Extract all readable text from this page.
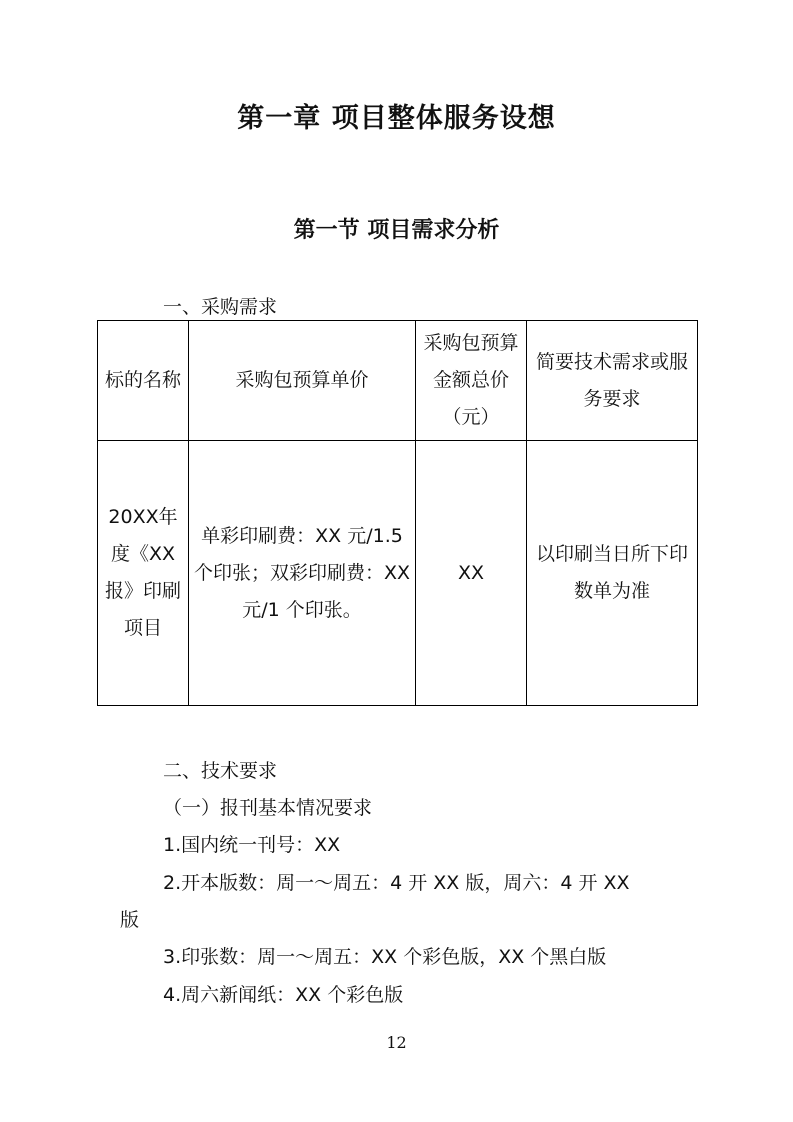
第一章 项目整体服务设想
第一节 项目需求分析

一、采购需求

标的名称	采购包预算单价	采购包预算金额总价（元）	简要技术需求或服务要求
20XX年度《XX报》印刷项目	单彩印刷费：XX 元/1.5 个印张；双彩印刷费：XX 元/1 个印张。	XX	以印刷当日所下印数单为准

二、技术要求

（一）报刊基本情况要求

1.国内统一刊号：XX

2.开本版数：周一～周五：4 开 XX 版，周六：4 开 XX

版

3.印张数：周一～周五：XX 个彩色版，XX 个黑白版

4.周六新闻纸：XX 个彩色版

12
